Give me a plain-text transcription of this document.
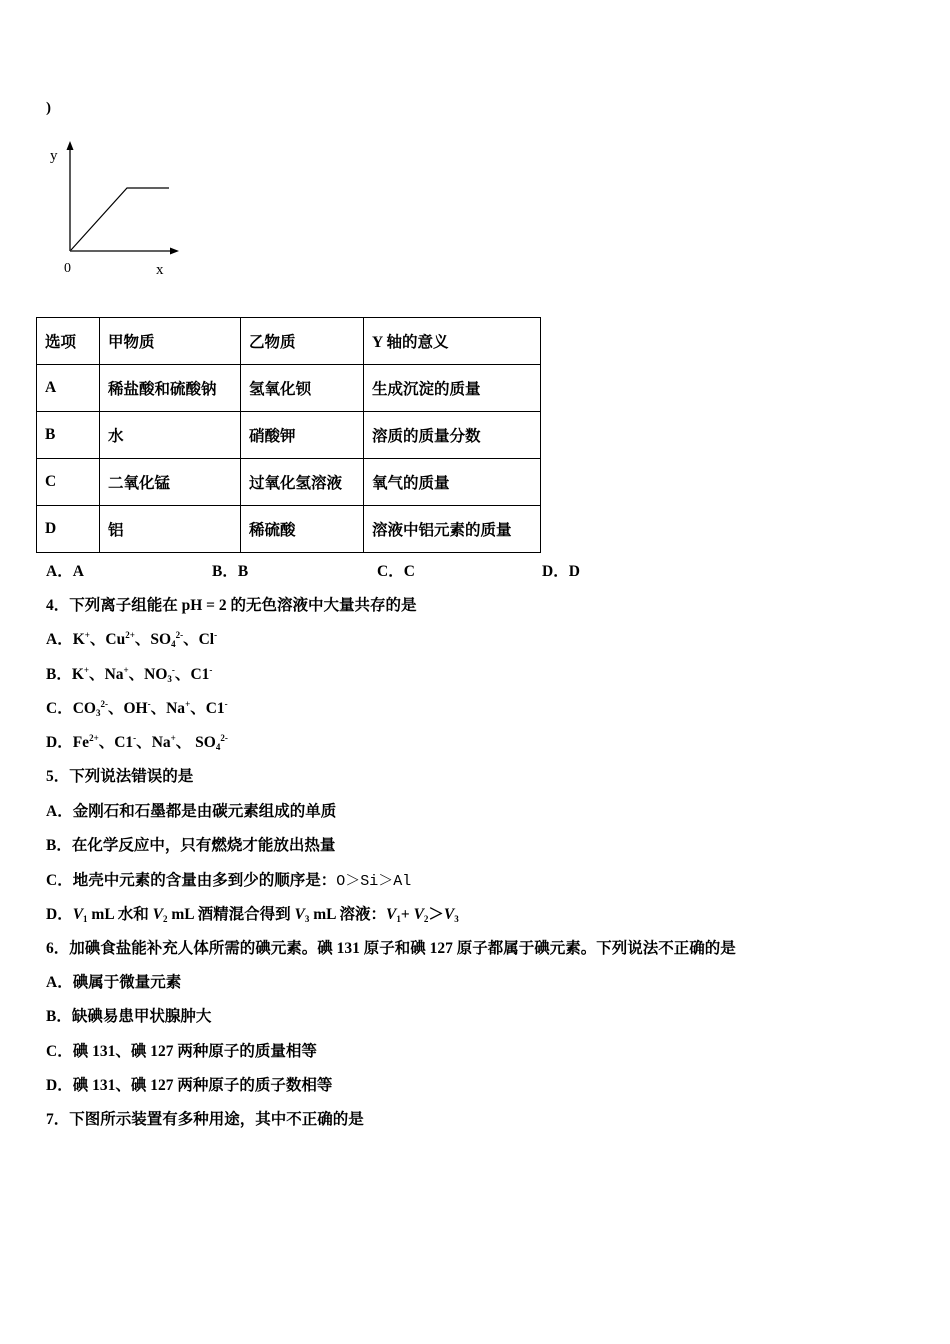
)
y
x
0
选项	甲物质	乙物质	Y 轴的意义
A	稀盐酸和硫酸钠	氢氧化钡	生成沉淀的质量
B	水	硝酸钾	溶质的质量分数
C	二氧化锰	过氧化氢溶液	氧气的质量
D	铝	稀硫酸	溶液中铝元素的质量
A．A	B．B	C．C	D．D
4．下列离子组能在 pH = 2 的无色溶液中大量共存的是
A．K+、$Cu^{2+}$、$SO_4^{2-}$、Cl-
B．K+、Na+、$NO_3^-$、C1-
C．$CO_3^{2-}$、OH-、Na+、C1-
D．$Fe^{2+}$、C1-、Na+、 $SO_4^{2-}$
5．下列说法错误的是
A．金刚石和石墨都是由碳元素组成的单质
B．在化学反应中，只有燃烧才能放出热量
C．地壳中元素的含量由多到少的顺序是：O＞Si＞Al
D．$V_1$ mL 水和 $V_2$ mL 酒精混合得到 $V_3$ mL 溶液：$V_1+ V_2>V_3$
6．加碘食盐能补充人体所需的碘元素。碘 131 原子和碘 127 原子都属于碘元素。下列说法不正确的是
A．碘属于微量元素
B．缺碘易患甲状腺肿大
C．碘 131、碘 127 两种原子的质量相等
D．碘 131、碘 127 两种原子的质子数相等
7．下图所示装置有多种用途，其中不正确的是
